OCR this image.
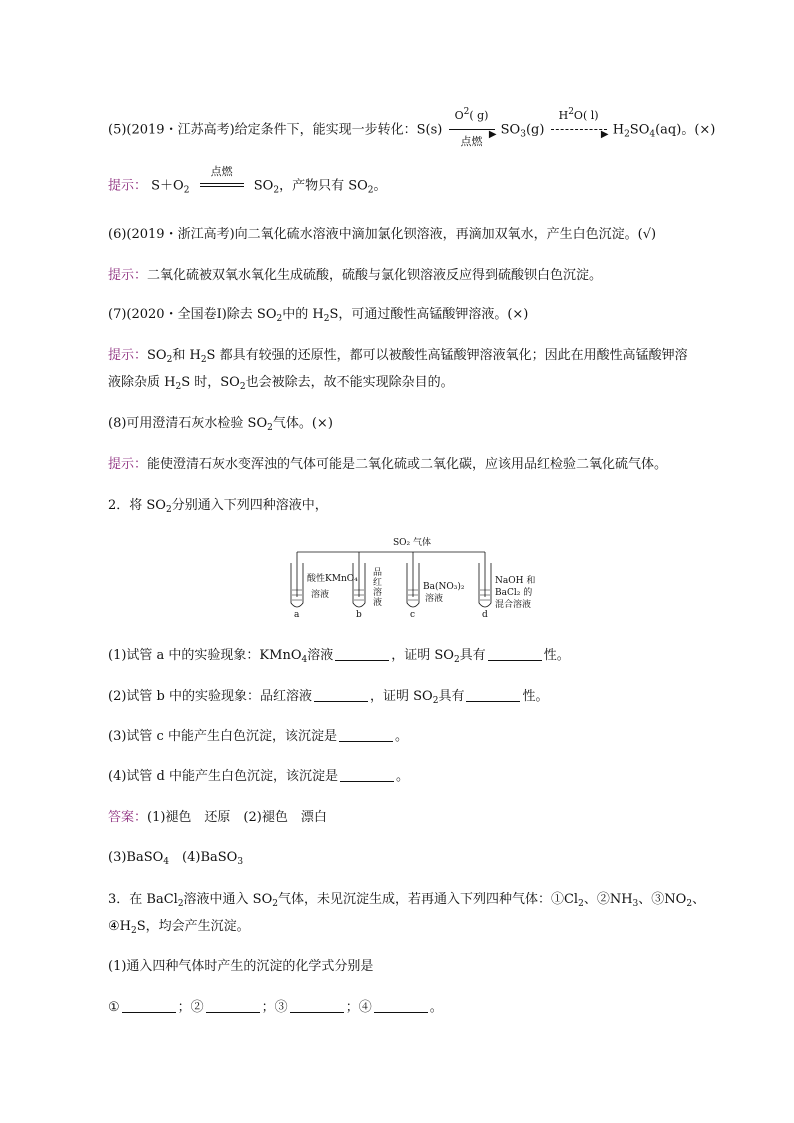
(5)(2019・江苏高考)给定条件下，能实现一步转化：S(s)
$O^2$( g)
▶
点燃
$SO_3(g)$
$H^2O$( l)
▶ $H_2SO_4(aq)$。(×)
提示： $S+O_2$
点燃
$SO_2$，产物只有 $SO_2$。
(6)(2019・浙江高考)向二氧化硫水溶液中滴加氯化钡溶液，再滴加双氧水，产生白色沉淀。(√)
提示：二氧化硫被双氧水氧化生成硫酸，硫酸与氯化钡溶液反应得到硫酸钡白色沉淀。
(7)(2020・全国卷Ⅰ)除去 $SO_2$中的 $H_2S$，可通过酸性高锰酸钾溶液。(×)
提示：$SO_2$和 $H_2S$ 都具有较强的还原性，都可以被酸性高锰酸钾溶液氧化；因此在用酸性高锰酸钾溶
液除杂质 $H_2S$ 时，$SO_2$也会被除去，故不能实现除杂目的。
(8)可用澄清石灰水检验 $SO_2$气体。(×)
提示：能使澄清石灰水变浑浊的气体可能是二氧化硫或二氧化碳，应该用品红检验二氧化硫气体。
2．将 $SO_2$分别通入下列四种溶液中，
SO₂ 气体
酸性KMnO₄
溶液
品
红
溶
液
Ba(NO₃)₂
溶液
NaOH 和
BaCl₂ 的
混合溶液
a	b	c	d
(1)试管 a 中的实验现象：KMnO$_4$溶液	，证明 $SO_2$具有	性。
(2)试管 b 中的实验现象：品红溶液	，证明 $SO_2$具有	性。
(3)试管 c 中能产生白色沉淀，该沉淀是	。
(4)试管 d 中能产生白色沉淀，该沉淀是	。
答案：(1)褪色　还原　(2)褪色　漂白
(3)BaSO$_4$　(4)BaSO$_3$
3．在 BaCl$_2$溶液中通入 $SO_2$气体，未见沉淀生成，若再通入下列四种气体：$①Cl_2$、$②NH_3$、$③NO_2$、
$④H_2S$，均会产生沉淀。
(1)通入四种气体时产生的沉淀的化学式分别是
①	；②	；③	；④	。
